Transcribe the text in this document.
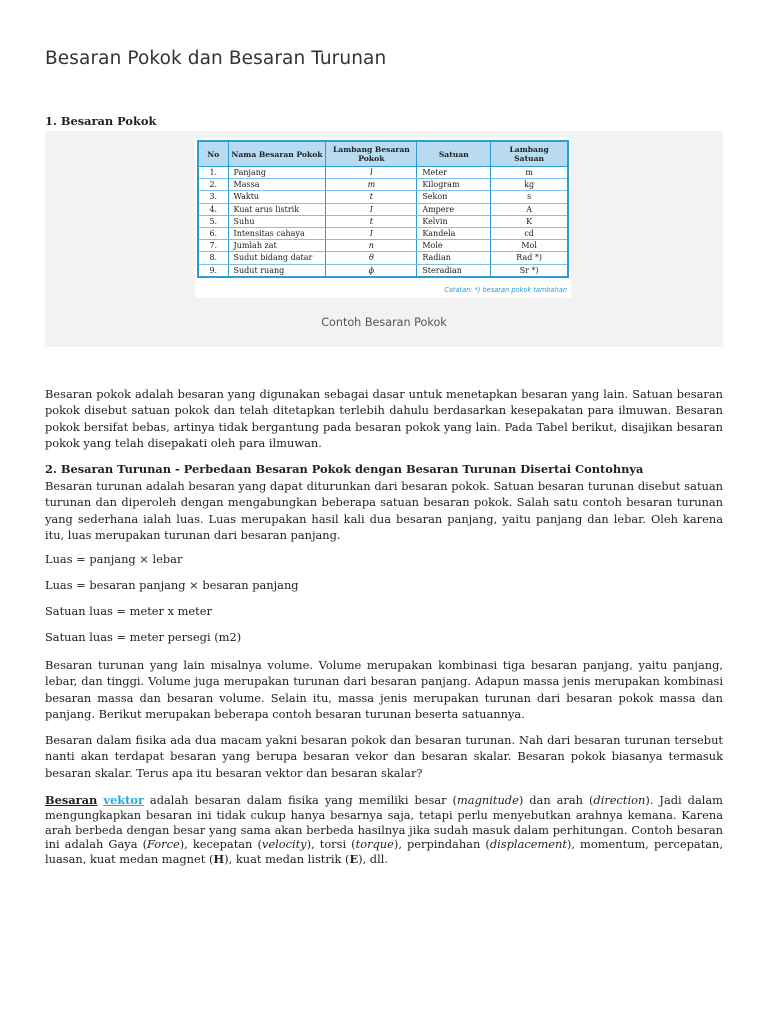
Besaran Pokok dan Besaran Turunan

1. Besaran Pokok

No	Nama Besaran Pokok	Lambang Besaran Pokok	Satuan	Lambang Satuan
1.	Panjang	l	Meter	m
2.	Massa	m	Kilogram	kg
3.	Waktu	t	Sekon	s
4.	Kuat arus listrik	I	Ampere	A
5.	Suhu	t	Kelvin	K
6.	Intensitas cahaya	I	Kandela	cd
7.	Jumlah zat	n	Mole	Mol
8.	Sudut bidang datar	θ	Radian	Rad *)
9.	Sudut ruang	ϕ	Steradian	Sr *)
Catatan: *) besaran pokok tambahan
Contoh Besaran Pokok

Besaran pokok adalah besaran yang digunakan sebagai dasar untuk menetapkan besaran yang lain. Satuan besaran pokok disebut satuan pokok dan telah ditetapkan terlebih dahulu berdasarkan kesepakatan para ilmuwan. Besaran pokok bersifat bebas, artinya tidak bergantung pada besaran pokok yang lain. Pada Tabel berikut, disajikan besaran pokok yang telah disepakati oleh para ilmuwan.

2. Besaran Turunan - Perbedaan Besaran Pokok dengan Besaran Turunan Disertai Contohnya

Besaran turunan adalah besaran yang dapat diturunkan dari besaran pokok. Satuan besaran turunan disebut satuan turunan dan diperoleh dengan mengabungkan beberapa satuan besaran pokok. Salah satu contoh besaran turunan yang sederhana ialah luas. Luas merupakan hasil kali dua besaran panjang, yaitu panjang dan lebar. Oleh karena itu, luas merupakan turunan dari besaran panjang.

Luas = panjang × lebar

Luas = besaran panjang × besaran panjang

Satuan luas = meter x meter

Satuan luas = meter persegi (m2)

Besaran turunan yang lain misalnya volume. Volume merupakan kombinasi tiga besaran panjang, yaitu panjang, lebar, dan tinggi. Volume juga merupakan turunan dari besaran panjang. Adapun massa jenis merupakan kombinasi besaran massa dan besaran volume. Selain itu, massa jenis merupakan turunan dari besaran pokok massa dan panjang. Berikut merupakan beberapa contoh besaran turunan beserta satuannya.

Besaran dalam fisika ada dua macam yakni besaran pokok dan besaran turunan. Nah dari besaran turunan tersebut nanti akan terdapat besaran yang berupa besaran vekor dan besaran skalar. Besaran pokok biasanya termasuk besaran skalar. Terus apa itu besaran vektor dan besaran skalar?

Besaran vektor adalah besaran dalam fisika yang memiliki besar (magnitude) dan arah (direction). Jadi dalam mengungkapkan besaran ini tidak cukup hanya besarnya saja, tetapi perlu menyebutkan arahnya kemana. Karena arah berbeda dengan besar yang sama akan berbeda hasilnya jika sudah masuk dalam perhitungan. Contoh besaran ini adalah Gaya (Force), kecepatan (velocity), torsi (torque), perpindahan (displacement), momentum, percepatan, luasan, kuat medan magnet (H), kuat medan listrik (E), dll.
